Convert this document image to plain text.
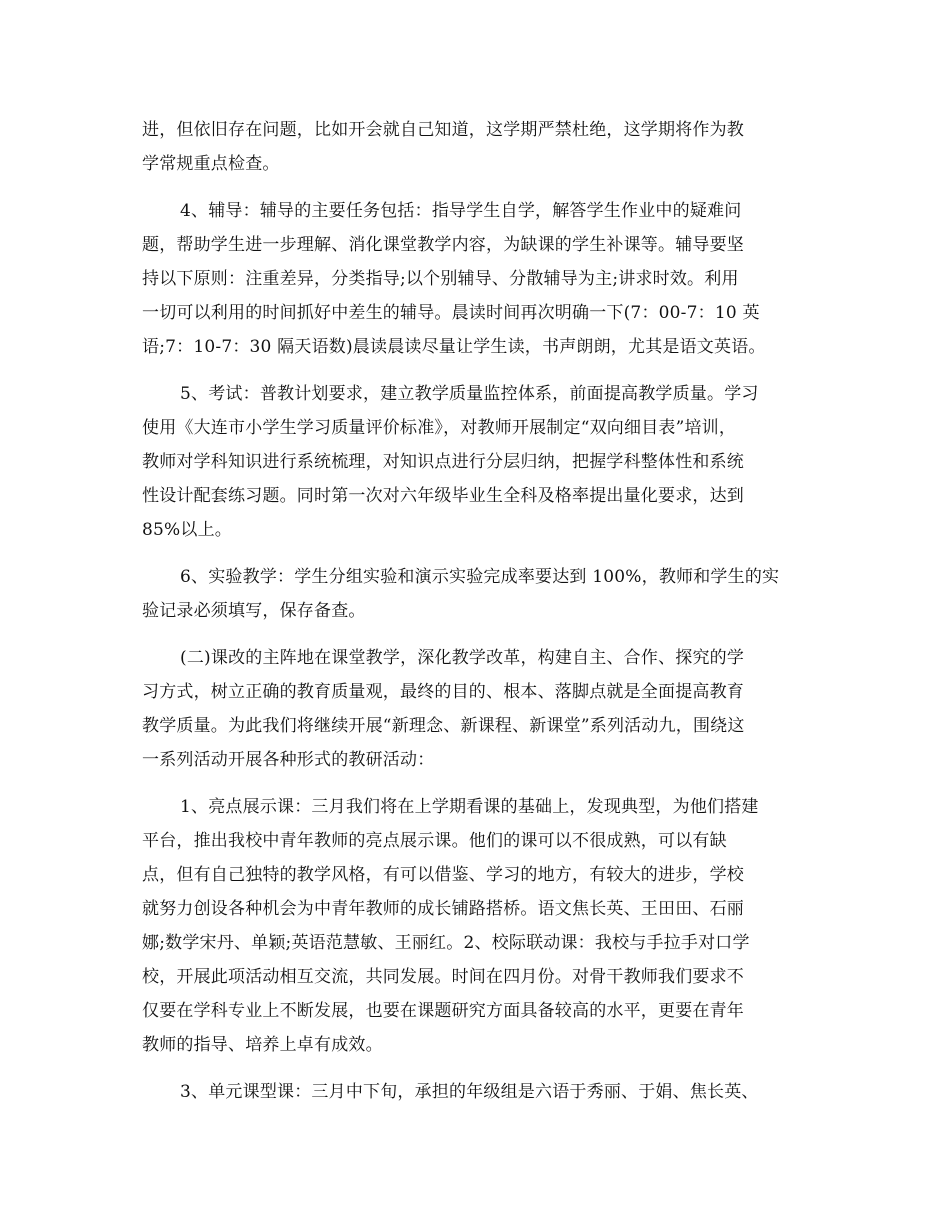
进，但依旧存在问题，比如开会就自己知道，这学期严禁杜绝，这学期将作为教
学常规重点检查。
4、辅导：辅导的主要任务包括：指导学生自学，解答学生作业中的疑难问
题，帮助学生进一步理解、消化课堂教学内容，为缺课的学生补课等。辅导要坚
持以下原则：注重差异，分类指导;以个别辅导、分散辅导为主;讲求时效。利用
一切可以利用的时间抓好中差生的辅导。晨读时间再次明确一下(7：00-7：10 英
语;7：10-7：30 隔天语数)晨读晨读尽量让学生读，书声朗朗，尤其是语文英语。
5、考试：普教计划要求，建立教学质量监控体系，前面提高教学质量。学习
使用《大连市小学生学习质量评价标准》，对教师开展制定“双向细目表”培训，
教师对学科知识进行系统梳理，对知识点进行分层归纳，把握学科整体性和系统
性设计配套练习题。同时第一次对六年级毕业生全科及格率提出量化要求，达到
85%以上。
6、实验教学：学生分组实验和演示实验完成率要达到 100%，教师和学生的实
验记录必须填写，保存备查。
(二)课改的主阵地在课堂教学，深化教学改革，构建自主、合作、探究的学
习方式，树立正确的教育质量观，最终的目的、根本、落脚点就是全面提高教育
教学质量。为此我们将继续开展“新理念、新课程、新课堂”系列活动九，围绕这
一系列活动开展各种形式的教研活动：
1、亮点展示课：三月我们将在上学期看课的基础上，发现典型，为他们搭建
平台，推出我校中青年教师的亮点展示课。他们的课可以不很成熟，可以有缺
点，但有自己独特的教学风格，有可以借鉴、学习的地方，有较大的进步，学校
就努力创设各种机会为中青年教师的成长铺路搭桥。语文焦长英、王田田、石丽
娜;数学宋丹、单颖;英语范慧敏、王丽红。2、校际联动课：我校与手拉手对口学
校，开展此项活动相互交流，共同发展。时间在四月份。对骨干教师我们要求不
仅要在学科专业上不断发展，也要在课题研究方面具备较高的水平，更要在青年
教师的指导、培养上卓有成效。
3、单元课型课：三月中下旬，承担的年级组是六语于秀丽、于娟、焦长英、
